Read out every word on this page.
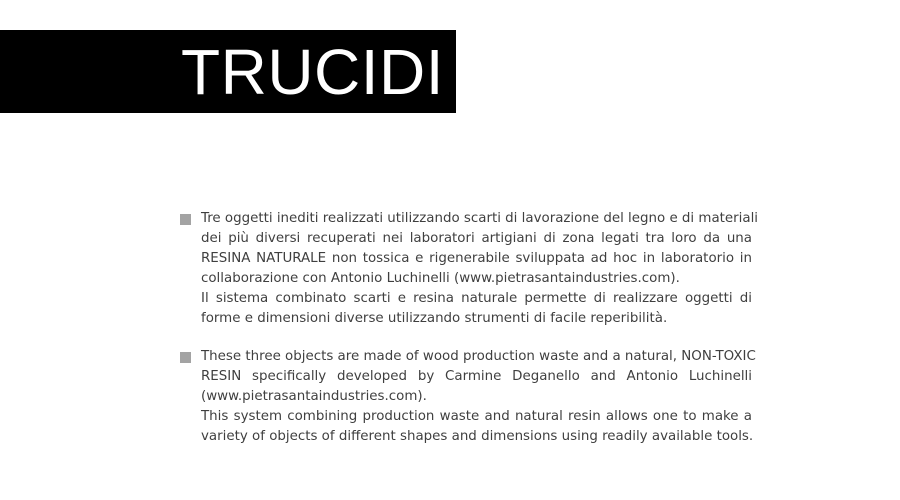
TRUCIDI
Tre oggetti inediti realizzati utilizzando scarti di lavorazione del legno e di materiali
dei più diversi recuperati nei laboratori artigiani di zona legati tra loro da una
RESINA NATURALE non tossica e rigenerabile sviluppata ad hoc in laboratorio in
collaborazione con Antonio Luchinelli (www.pietrasantaindustries.com).
Il sistema combinato scarti e resina naturale permette di realizzare oggetti di
forme e dimensioni diverse utilizzando strumenti di facile reperibilità.
These three objects are made of wood production waste and a natural, NON-TOXIC
RESIN specifically developed by Carmine Deganello and Antonio Luchinelli
(www.pietrasantaindustries.com).
This system combining production waste and natural resin allows one to make a
variety of objects of different shapes and dimensions using readily available tools.
